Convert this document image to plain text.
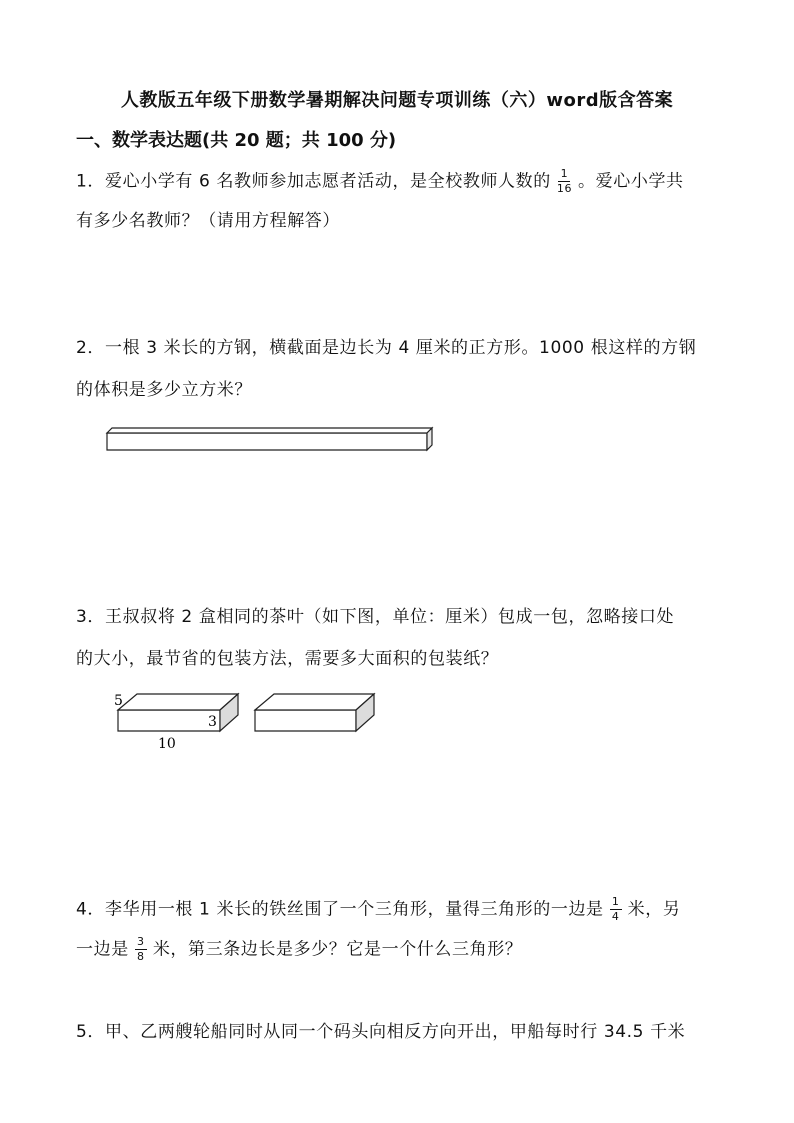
人教版五年级下册数学暑期解决问题专项训练（六）word版含答案
一、数学表达题(共 20 题；共 100 分)
1．爱心小学有 6 名教师参加志愿者活动，是全校教师人数的 $\frac{1}{16}$ 。爱心小学共
有多少名教师？（请用方程解答）
2．一根 3 米长的方钢，横截面是边长为 4 厘米的正方形。1000 根这样的方钢
的体积是多少立方米？
3．王叔叔将 2 盒相同的茶叶（如下图，单位：厘米）包成一包，忽略接口处
的大小，最节省的包装方法，需要多大面积的包装纸？
5
3
10
4．李华用一根 1 米长的铁丝围了一个三角形，量得三角形的一边是 $\frac{1}{4}$ 米，另
一边是 $\frac{3}{8}$ 米，第三条边长是多少？它是一个什么三角形？
5．甲、乙两艘轮船同时从同一个码头向相反方向开出，甲船每时行 34.5 千米
